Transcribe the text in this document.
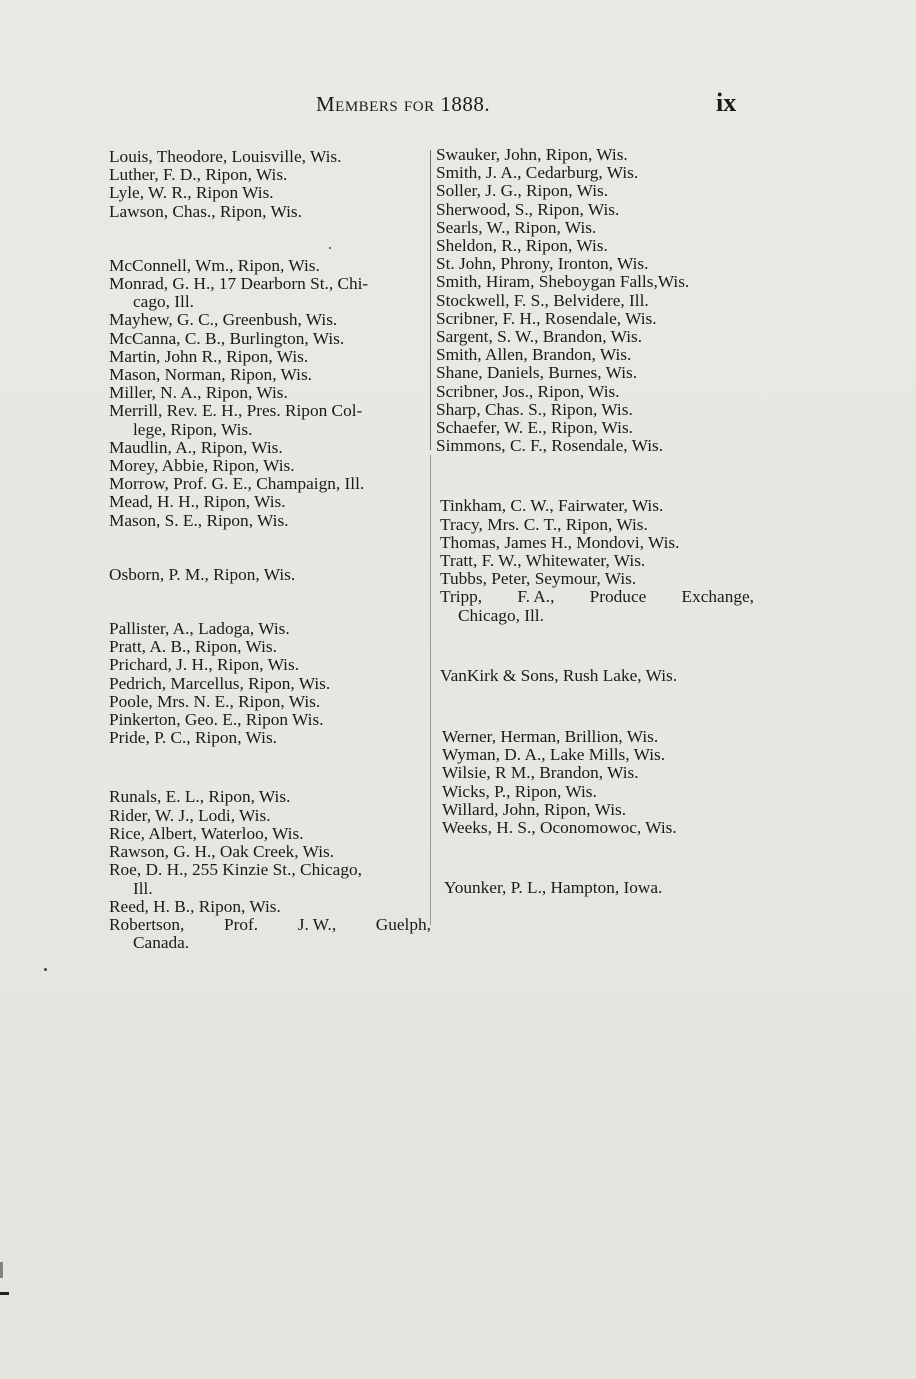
Members for 1888.	ix
Louis, Theodore, Louisville, Wis.
Luther, F. D., Ripon, Wis.
Lyle, W. R., Ripon Wis.
Lawson, Chas., Ripon, Wis.
McConnell, Wm., Ripon, Wis.
Monrad, G. H., 17 Dearborn St., Chi-
cago, Ill.
Mayhew, G. C., Greenbush, Wis.
McCanna, C. B., Burlington, Wis.
Martin, John R., Ripon, Wis.
Mason, Norman, Ripon, Wis.
Miller, N. A., Ripon, Wis.
Merrill, Rev. E. H., Pres. Ripon Col-
lege, Ripon, Wis.
Maudlin, A., Ripon, Wis.
Morey, Abbie, Ripon, Wis.
Morrow, Prof. G. E., Champaign, Ill.
Mead, H. H., Ripon, Wis.
Mason, S. E., Ripon, Wis.
Osborn, P. M., Ripon, Wis.
Pallister, A., Ladoga, Wis.
Pratt, A. B., Ripon, Wis.
Prichard, J. H., Ripon, Wis.
Pedrich, Marcellus, Ripon, Wis.
Poole, Mrs. N. E., Ripon, Wis.
Pinkerton, Geo. E., Ripon Wis.
Pride, P. C., Ripon, Wis.
Runals, E. L., Ripon, Wis.
Rider, W. J., Lodi, Wis.
Rice, Albert, Waterloo, Wis.
Rawson, G. H., Oak Creek, Wis.
Roe, D. H., 255 Kinzie St., Chicago,
Ill.
Reed, H. B., Ripon, Wis.
Robertson, Prof. J. W., Guelph,
Canada.
Swauker, John, Ripon, Wis.
Smith, J. A., Cedarburg, Wis.
Soller, J. G., Ripon, Wis.
Sherwood, S., Ripon, Wis.
Searls, W., Ripon, Wis.
Sheldon, R., Ripon, Wis.
St. John, Phrony, Ironton, Wis.
Smith, Hiram, Sheboygan Falls,Wis.
Stockwell, F. S., Belvidere, Ill.
Scribner, F. H., Rosendale, Wis.
Sargent, S. W., Brandon, Wis.
Smith, Allen, Brandon, Wis.
Shane, Daniels, Burnes, Wis.
Scribner, Jos., Ripon, Wis.
Sharp, Chas. S., Ripon, Wis.
Schaefer, W. E., Ripon, Wis.
Simmons, C. F., Rosendale, Wis.
Tinkham, C. W., Fairwater, Wis.
Tracy, Mrs. C. T., Ripon, Wis.
Thomas, James H., Mondovi, Wis.
Tratt, F. W., Whitewater, Wis.
Tubbs, Peter, Seymour, Wis.
Tripp, F. A., Produce Exchange,
Chicago, Ill.
VanKirk & Sons, Rush Lake, Wis.
Werner, Herman, Brillion, Wis.
Wyman, D. A., Lake Mills, Wis.
Wilsie, R M., Brandon, Wis.
Wicks, P., Ripon, Wis.
Willard, John, Ripon, Wis.
Weeks, H. S., Oconomowoc, Wis.
Younker, P. L., Hampton, Iowa.
